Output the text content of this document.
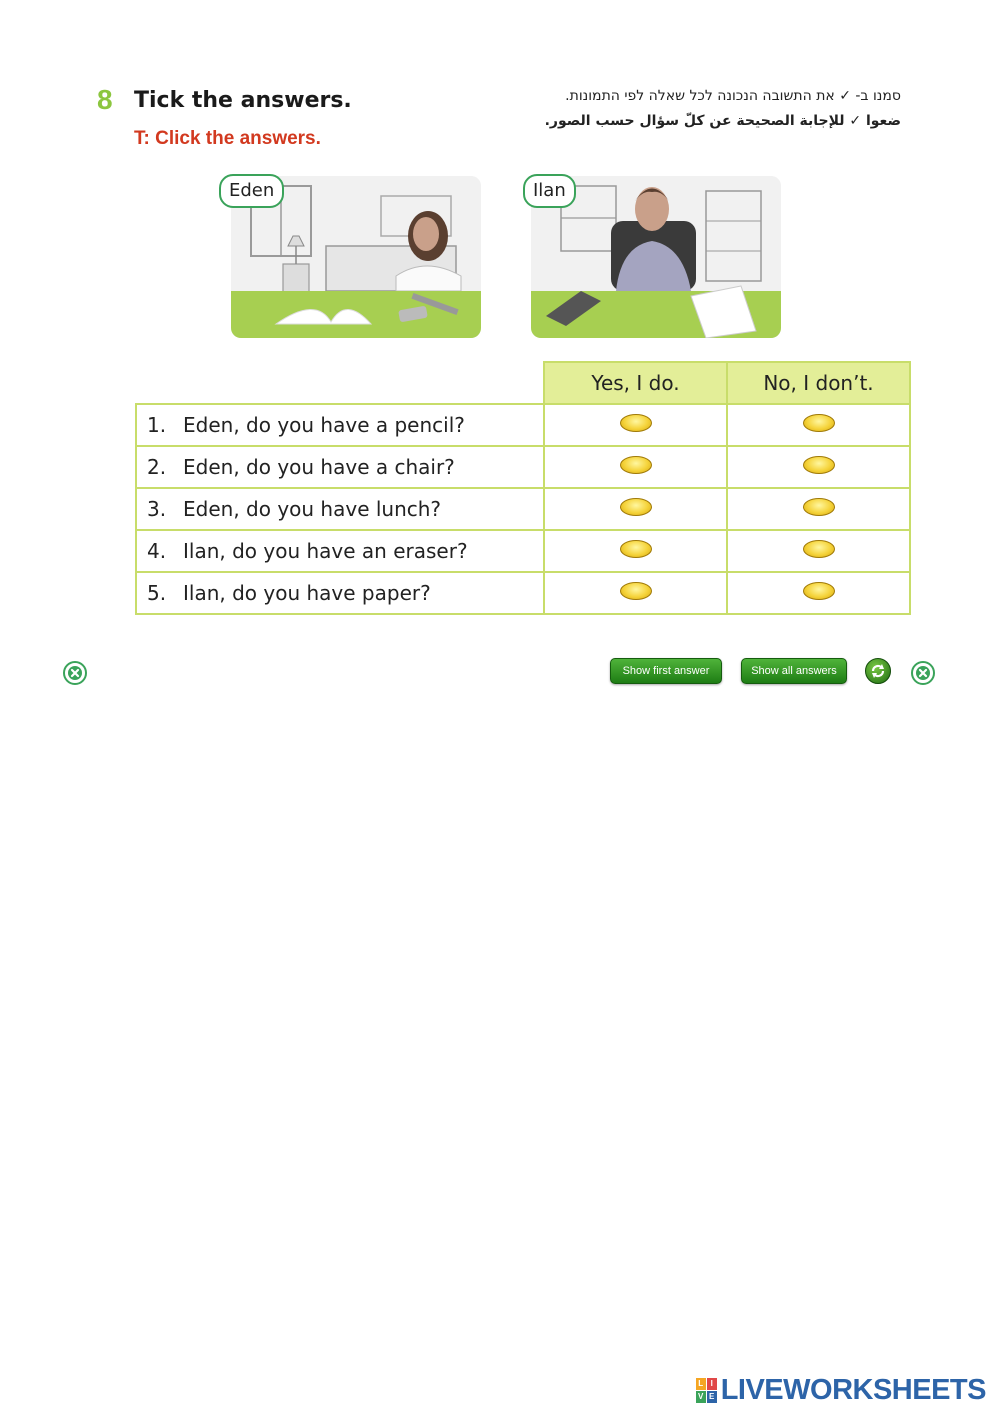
8 Tick the answers.
T: Click the answers.
סמנו ב- ✓ את התשובה הנכונה לכל שאלה לפי התמונות.
ضعوا ✓ للإجابة الصحيحة عن كلّ سؤال حسب الصور.
Eden	Ilan
	Yes, I do.	No, I don’t.
1. Eden, do you have a pencil?		
2. Eden, do you have a chair?		
3. Eden, do you have lunch?		
4. Ilan, do you have an eraser?		
5. Ilan, do you have paper?		
Show first answer	Show all answers
L I
V E LIVEWORKSHEETS
